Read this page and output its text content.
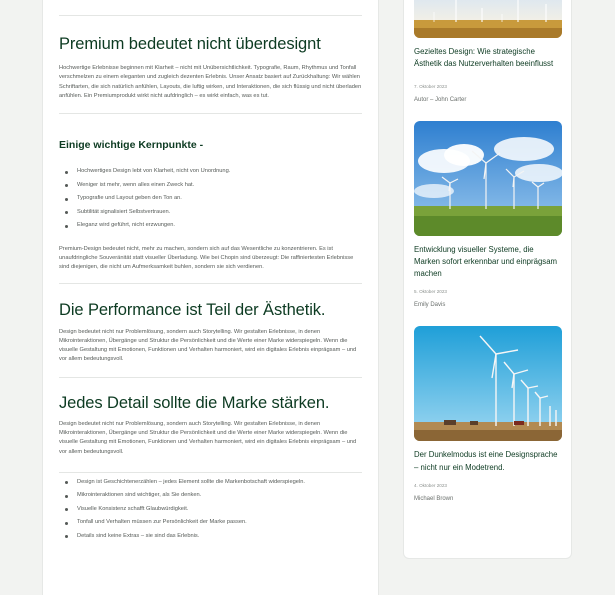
Premium bedeutet nicht überdesignt

Hochwertige Erlebnisse beginnen mit Klarheit – nicht mit Unübersichtlichkeit. Typografie, Raum, Rhythmus und Tonfall verschmelzen zu einem eleganten und zugleich dezenten Erlebnis. Unser Ansatz basiert auf Zurückhaltung: Wir wählen Schriftarten, die sich natürlich anfühlen, Layouts, die luftig wirken, und Interaktionen, die sich flüssig und nicht überladen anfühlen. Ein Premiumprodukt wirkt nicht aufdringlich – es wirkt einfach, was es tut.

Einige wichtige Kernpunkte -
Hochwertiges Design lebt von Klarheit, nicht von Unordnung.
Weniger ist mehr, wenn alles einen Zweck hat.
Typografie und Layout geben den Ton an.
Subtilität signalisiert Selbstvertrauen.
Eleganz wird geführt, nicht erzwungen.

Premium-Design bedeutet nicht, mehr zu machen, sondern sich auf das Wesentliche zu konzentrieren. Es ist unaufdringliche Souveränität statt visueller Überladung. Wie bei Chopin sind überzeugt: Die raffiniertesten Erlebnisse sind diejenigen, die nicht um Aufmerksamkeit buhlen, sondern sie sich verdienen.

Die Performance ist Teil der Ästhetik.

Design bedeutet nicht nur Problemlösung, sondern auch Storytelling. Wir gestalten Erlebnisse, in denen Mikrointeraktionen, Übergänge und Struktur die Persönlichkeit und die Werte einer Marke widerspiegeln. Wenn die visuelle Gestaltung mit Emotionen, Funktionen und Verhalten harmoniert, wird ein digitales Erlebnis einprägsam – und vor allem bedeutungsvoll.

Jedes Detail sollte die Marke stärken.

Design bedeutet nicht nur Problemlösung, sondern auch Storytelling. Wir gestalten Erlebnisse, in denen Mikrointeraktionen, Übergänge und Struktur die Persönlichkeit und die Werte einer Marke widerspiegeln. Wenn die visuelle Gestaltung mit Emotionen, Funktionen und Verhalten harmoniert, wird ein digitales Erlebnis einprägsam – und vor allem bedeutungsvoll.

Design ist Geschichtenerzählen – jedes Element sollte die Markenbotschaft widerspiegeln.
Mikrointeraktionen sind wichtiger, als Sie denken.
Visuelle Konsistenz schafft Glaubwürdigkeit.
Tonfall und Verhalten müssen zur Persönlichkeit der Marke passen.
Details sind keine Extras – sie sind das Erlebnis.
Gezieltes Design: Wie strategische Ästhetik das Nutzerverhalten beeinflusst
7. Oktober 2023
Autor – John Carter
Entwicklung visueller Systeme, die Marken sofort erkennbar und einprägsam machen
5. Oktober 2023
Emily Davis
Der Dunkelmodus ist eine Designsprache – nicht nur ein Modetrend.
4. Oktober 2023
Michael Brown
